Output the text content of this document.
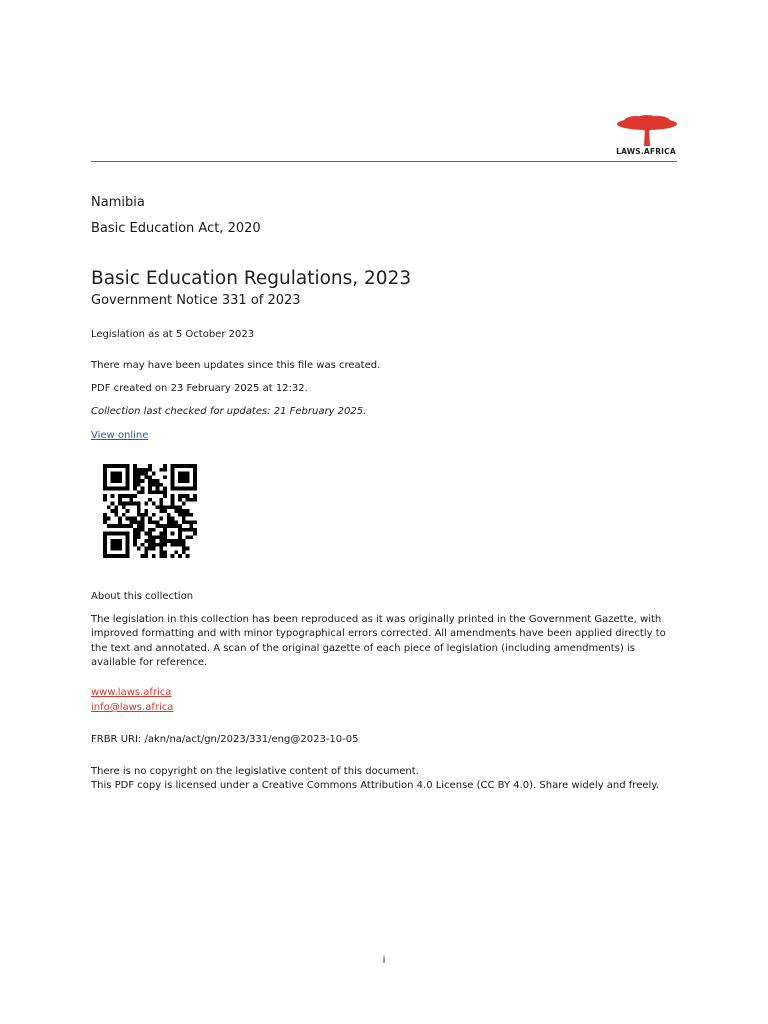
LAWS.AFRICA
Namibia
Basic Education Act, 2020
Basic Education Regulations, 2023
Government Notice 331 of 2023
Legislation as at 5 October 2023
There may have been updates since this file was created.
PDF created on 23 February 2025 at 12:32.
Collection last checked for updates: 21 February 2025.
View online
About this collection
The legislation in this collection has been reproduced as it was originally printed in the Government Gazette, with improved formatting and with minor typographical errors corrected. All amendments have been applied directly to the text and annotated. A scan of the original gazette of each piece of legislation (including amendments) is available for reference.
www.laws.africa
info@laws.africa
FRBR URI: /akn/na/act/gn/2023/331/eng@2023-10-05
There is no copyright on the legislative content of this document.
This PDF copy is licensed under a Creative Commons Attribution 4.0 License (CC BY 4.0). Share widely and freely.
i
